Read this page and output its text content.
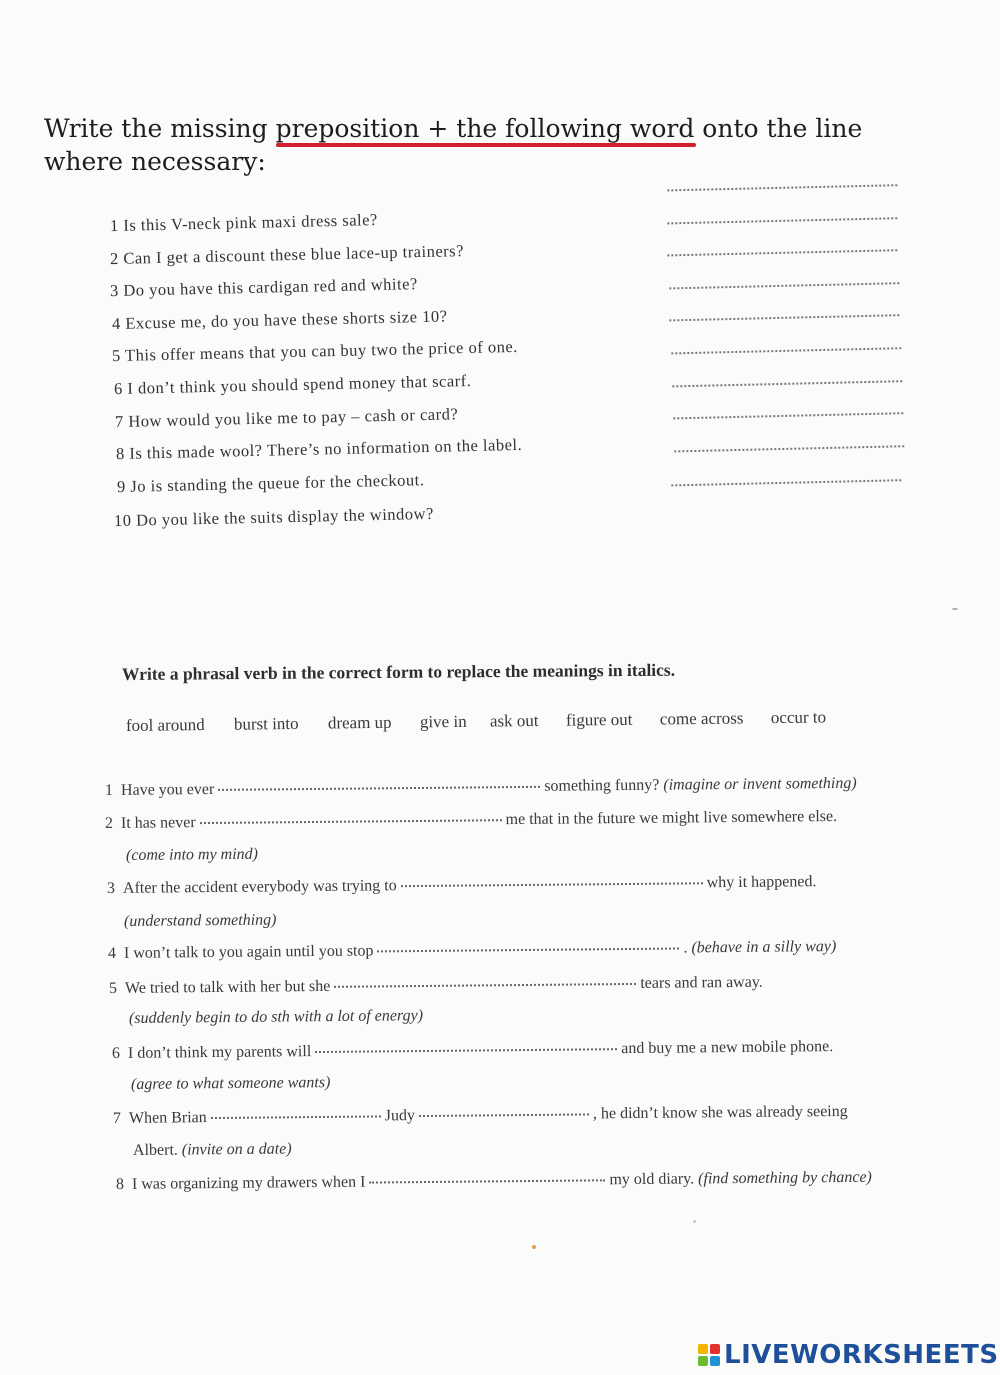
Write the missing preposition + the following word onto the line
where necessary:
1 Is this V-neck pink maxi dress sale?
2 Can I get a discount these blue lace-up trainers?
3 Do you have this cardigan red and white?
4 Excuse me, do you have these shorts size 10?
5 This offer means that you can buy two the price of one.
6 I don’t think you should spend money that scarf.
7 How would you like me to pay – cash or card?
8 Is this made wool? There’s no information on the label.
9 Jo is standing the queue for the checkout.
10 Do you like the suits display the window?
Write a phrasal verb in the correct form to replace the meanings in italics.
fool around burst into dream up give in ask out figure out come across occur to
1 Have you ever	something funny? (imagine or invent something)
2 It has never	me that in the future we might live somewhere else.
(come into my mind)
3 After the accident everybody was trying to	why it happened.
(understand something)
4 I won’t talk to you again until you stop	. (behave in a silly way)
5 We tried to talk with her but she	tears and ran away.
(suddenly begin to do sth with a lot of energy)
6 I don’t think my parents will	and buy me a new mobile phone.
(agree to what someone wants)
7 When Brian	Judy	, he didn’t know she was already seeing
Albert. (invite on a date)
8 I was organizing my drawers when I	my old diary. (find something by chance)
LIVEWORKSHEETS
